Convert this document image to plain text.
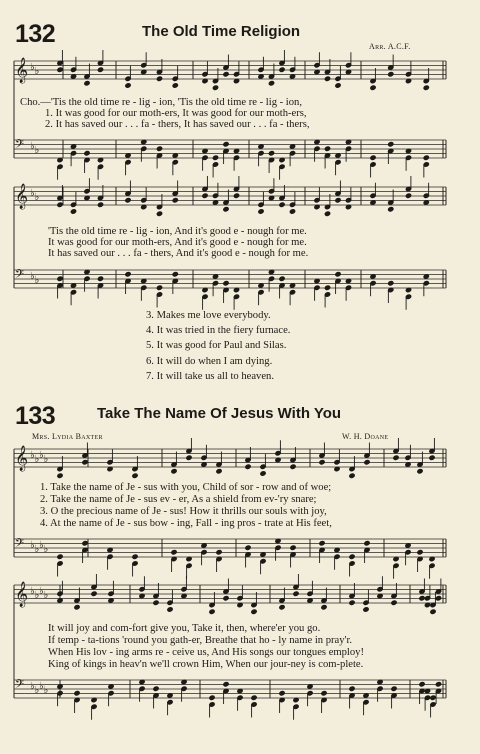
132	The Old Time Religion
Arr. A.C.F.
𝄞 ♭ ♭
𝄢 ♭ ♭
𝄞 ♭ ♭
𝄢 ♭ ♭
𝄞 ♭ ♭ ♭ ♭
𝄢 ♭ ♭ ♭ ♭
𝄞 ♭ ♭ ♭ ♭
𝄢 ♭ ♭ ♭ ♭
Cho.—'Tis the old time re - lig - ion, 'Tis the old time re - lig - ion,
1. It was good for our moth-ers, It was good for our moth-ers,
2. It has saved our . . . fa - thers, It has saved our . . . fa - thers,
'Tis the old time re - lig - ion, And it's good e - nough for me.
It was good for our moth-ers, And it's good e - nough for me.
It has saved our . . . fa - thers, And it's good e - nough for me.
3. Makes me love everybody.
4. It was tried in the fiery furnace.
5. It was good for Paul and Silas.
6. It will do when I am dying.
7. It will take us all to heaven.
133	Take The Name Of Jesus With You
Mrs. Lydia Baxter	W. H. Doane
1. Take the name of Je - sus with you, Child of sor - row and of woe;
2. Take the name of Je - sus ev - er, As a shield from ev-'ry snare;
3. O the precious name of Je - sus! How it thrills our souls with joy,
4. At the name of Je - sus bow - ing, Fall - ing pros - trate at His feet,
It will joy and com-fort give you, Take it, then, where'er you go.
If temp - ta-tions 'round you gath-er, Breathe that ho - ly name in pray'r.
When His lov - ing arms re - ceive us, And His songs our tongues employ!
King of kings in heav'n we'll crown Him, When our jour-ney is com-plete.
